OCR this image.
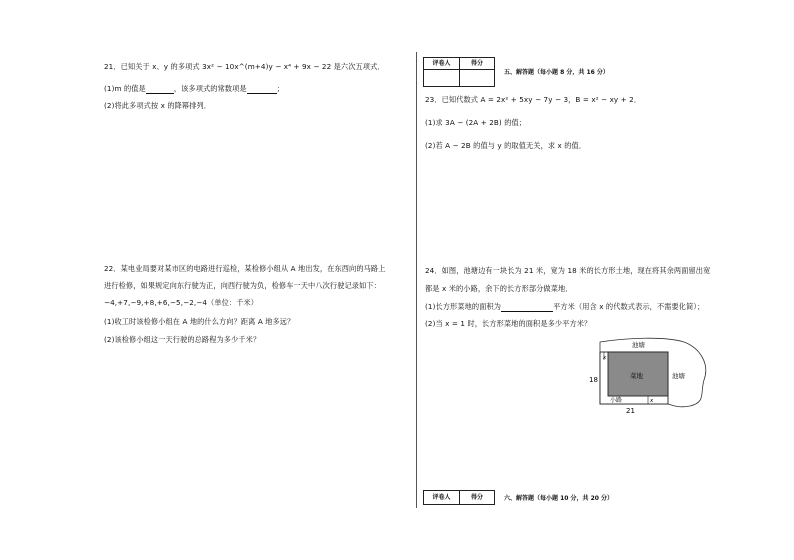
21．已知关于 x、y 的多项式 3x² − 10x^(m+4)y − x⁴ + 9x − 22 是六次五项式．
(1)m 的值是	，该多项式的常数项是	；
(2)将此多项式按 x 的降幂排列．
22．某电业局要对某市区的电路进行巡检，某检修小组从 A 地出发，在东西向的马路上
进行检修，如果规定向东行驶为正，向西行驶为负，检修车一天中八次行驶记录如下：
−4,+7,−9,+8,+6,−5,−2,−4（单位：千米）
(1)收工时该检修小组在 A 地的什么方向？距离 A 地多远？
(2)该检修小组这一天行驶的总路程为多少千米？
评卷人	得分
五、解答题（每小题 8 分，共 16 分）
23．已知代数式 A = 2x² + 5xy − 7y − 3，B = x² − xy + 2．
(1)求 3A − (2A + 2B) 的值；
(2)若 A − 2B 的值与 y 的取值无关，求 x 的值．
24．如图，池塘边有一块长为 21 米，宽为 18 米的长方形土地，现在将其余两面留出宽
都是 x 米的小路，余下的长方形部分做菜地．
(1)长方形菜地的面积为	平方米（用含 x 的代数式表示，不需要化简）；
(2)当 x = 1 时，长方形菜地的面积是多少平方米？
池塘
池塘
菜地
小路
x
x
18
21
评卷人	得分	六、解答题（每小题 10 分，共 20 分）
